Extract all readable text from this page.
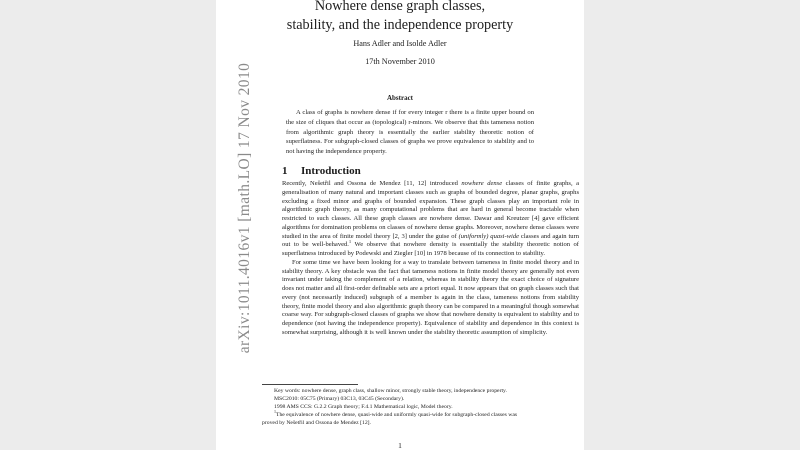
arXiv:1011.4016v1 [math.LO] 17 Nov 2010
Nowhere dense graph classes,
stability, and the independence property
Hans Adler and Isolde Adler
17th November 2010
Abstract

A class of graphs is nowhere dense if for every integer r there is a finite upper bound on the size of cliques that occur as (topological) r-minors. We observe that this tameness notion from algorithmic graph theory is essentially the earlier stability theoretic notion of superflatness. For subgraph-closed classes of graphs we prove equivalence to stability and to not having the independence property.

1 Introduction

Recently, Nešetřil and Ossona de Mendez [11, 12] introduced nowhere dense classes of finite graphs, a generalisation of many natural and important classes such as graphs of bounded degree, planar graphs, graphs excluding a fixed minor and graphs of bounded expansion. These graph classes play an important role in algorithmic graph theory, as many computational problems that are hard in general become tractable when restricted to such classes. All these graph classes are nowhere dense. Dawar and Kreutzer [4] gave efficient algorithms for domination problems on classes of nowhere dense graphs. Moreover, nowhere dense classes were studied in the area of finite model theory [2, 3] under the guise of (uniformly) quasi-wide classes and again turn out to be well-behaved.$^1$ We observe that nowhere density is essentially the stability theoretic notion of superflatness introduced by Podewski and Ziegler [10] in 1978 because of its connection to stability.

For some time we have been looking for a way to translate between tameness in finite model theory and in stability theory. A key obstacle was the fact that tameness notions in finite model theory are generally not even invariant under taking the complement of a relation, whereas in stability theory the exact choice of signature does not matter and all first-order definable sets are a priori equal. It now appears that on graph classes such that every (not necessarily induced) subgraph of a member is again in the class, tameness notions from stability theory, finite model theory and also algorithmic graph theory can be compared in a meaningful though somewhat coarse way. For subgraph-closed classes of graphs we show that nowhere density is equivalent to stability and to dependence (not having the independence property). Equivalence of stability and dependence in this context is somewhat surprising, although it is well known under the stability theoretic assumption of simplicity.

Key words: nowhere dense, graph class, shallow minor, strongly stable theory, independence property.
MSC2010: 05C75 (Primary) 03C13, 03C45 (Secondary).
1998 AMS CCS: G.2.2 Graph theory; F.4.1 Mathematical logic, Model theory.
$^1$The equivalence of nowhere dense, quasi-wide and uniformly quasi-wide for subgraph-closed classes was
proved by Nešetřil and Ossona de Mendez [12].
1
